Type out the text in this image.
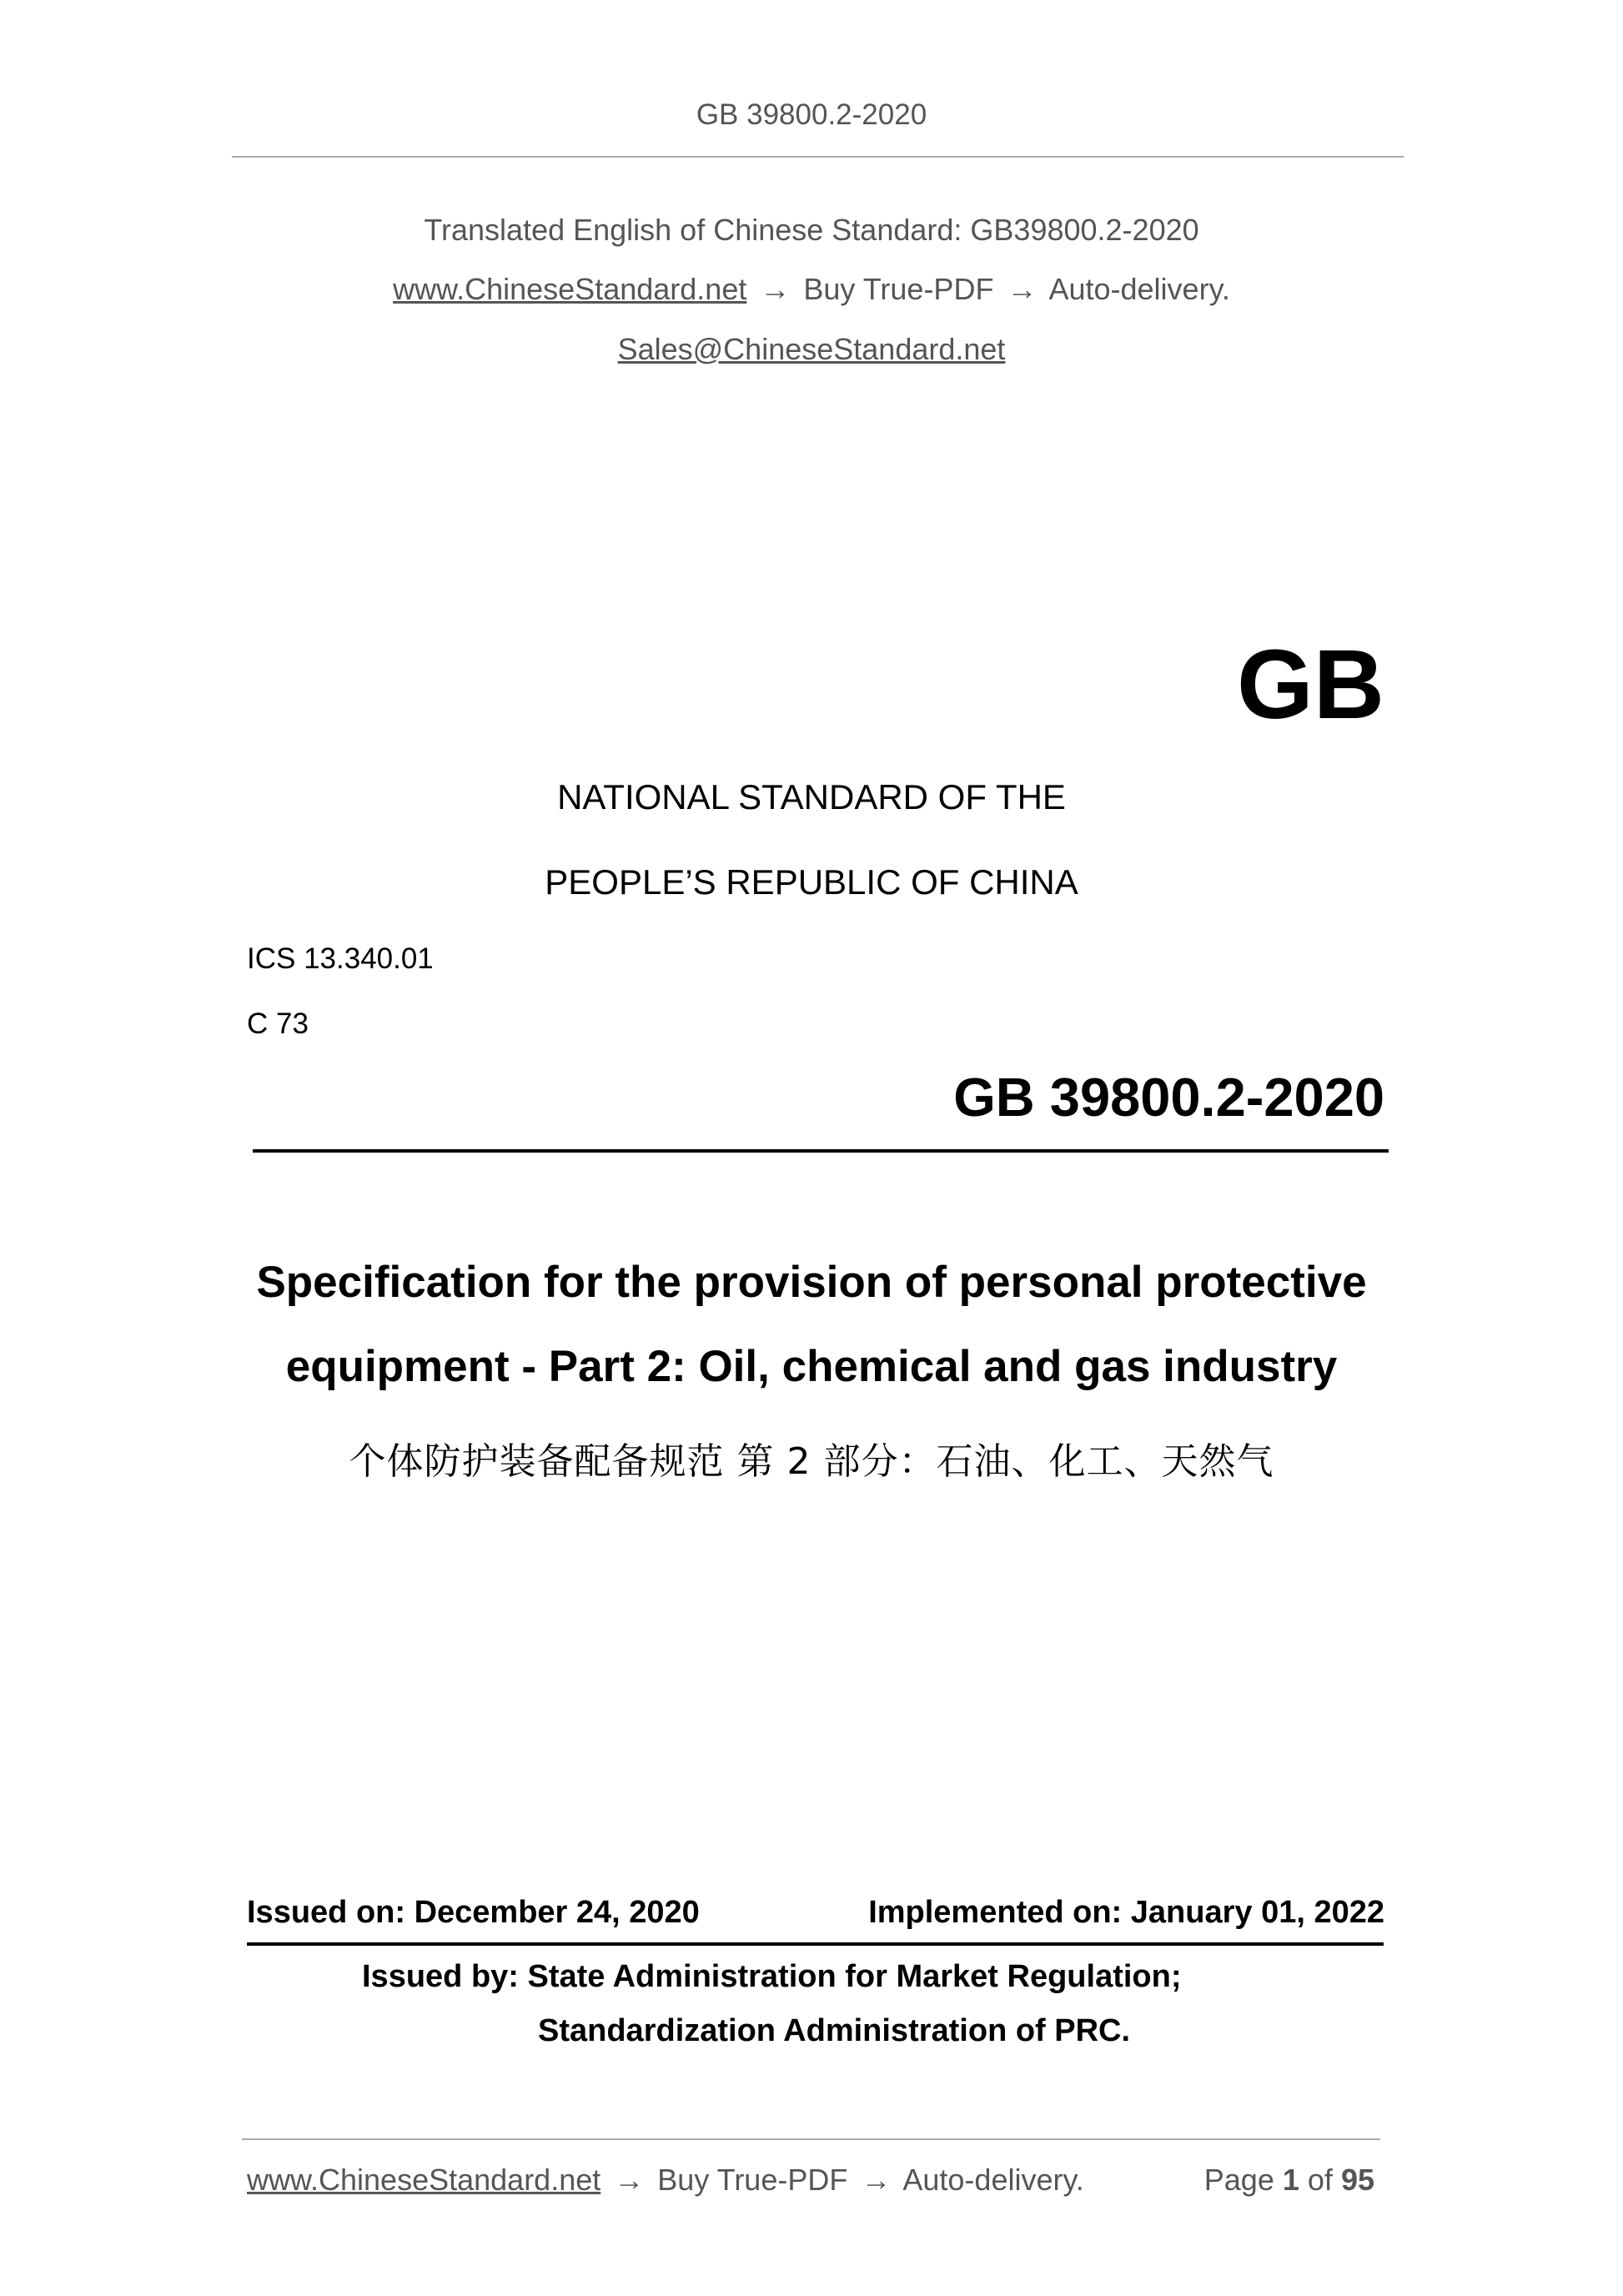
GB 39800.2-2020
Translated English of Chinese Standard: GB39800.2-2020
www.ChineseStandard.net → Buy True-PDF → Auto-delivery.
Sales@ChineseStandard.net
GB
NATIONAL STANDARD OF THE
PEOPLE’S REPUBLIC OF CHINA
ICS 13.340.01
C 73
GB 39800.2-2020
Specification for the provision of personal protective
equipment - Part 2: Oil, chemical and gas industry
个体防护装备配备规范 第 2 部分：石油、化工、天然气
Issued on: December 24, 2020	Implemented on: January 01, 2022
Issued by: State Administration for Market Regulation;
Standardization Administration of PRC.
www.ChineseStandard.net → Buy True-PDF → Auto-delivery.	Page 1 of 95
